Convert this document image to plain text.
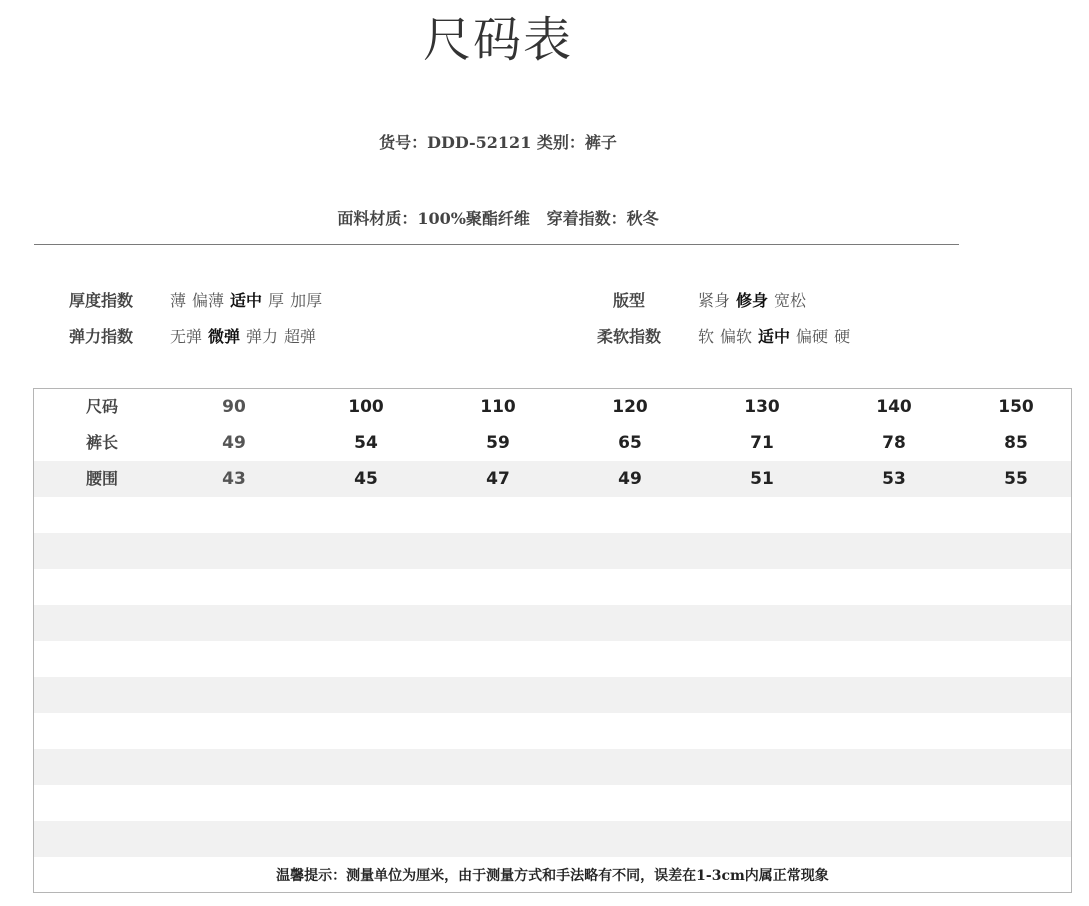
尺码表
货号：DDD-52121 类别：裤子
面料材质：100%聚酯纤维   穿着指数：秋冬
厚度指数	薄 偏薄 适中 厚 加厚
弹力指数	无弹 微弹 弹力 超弹
版型	紧身 修身 宽松
柔软指数	软 偏软 适中 偏硬 硬
尺码	90	100	110	120	130	140	150
裤长	49	54	59	65	71	78	85
腰围	43	45	47	49	51	53	55
温馨提示：测量单位为厘米，由于测量方式和手法略有不同，误差在1-3cm内属正常现象
